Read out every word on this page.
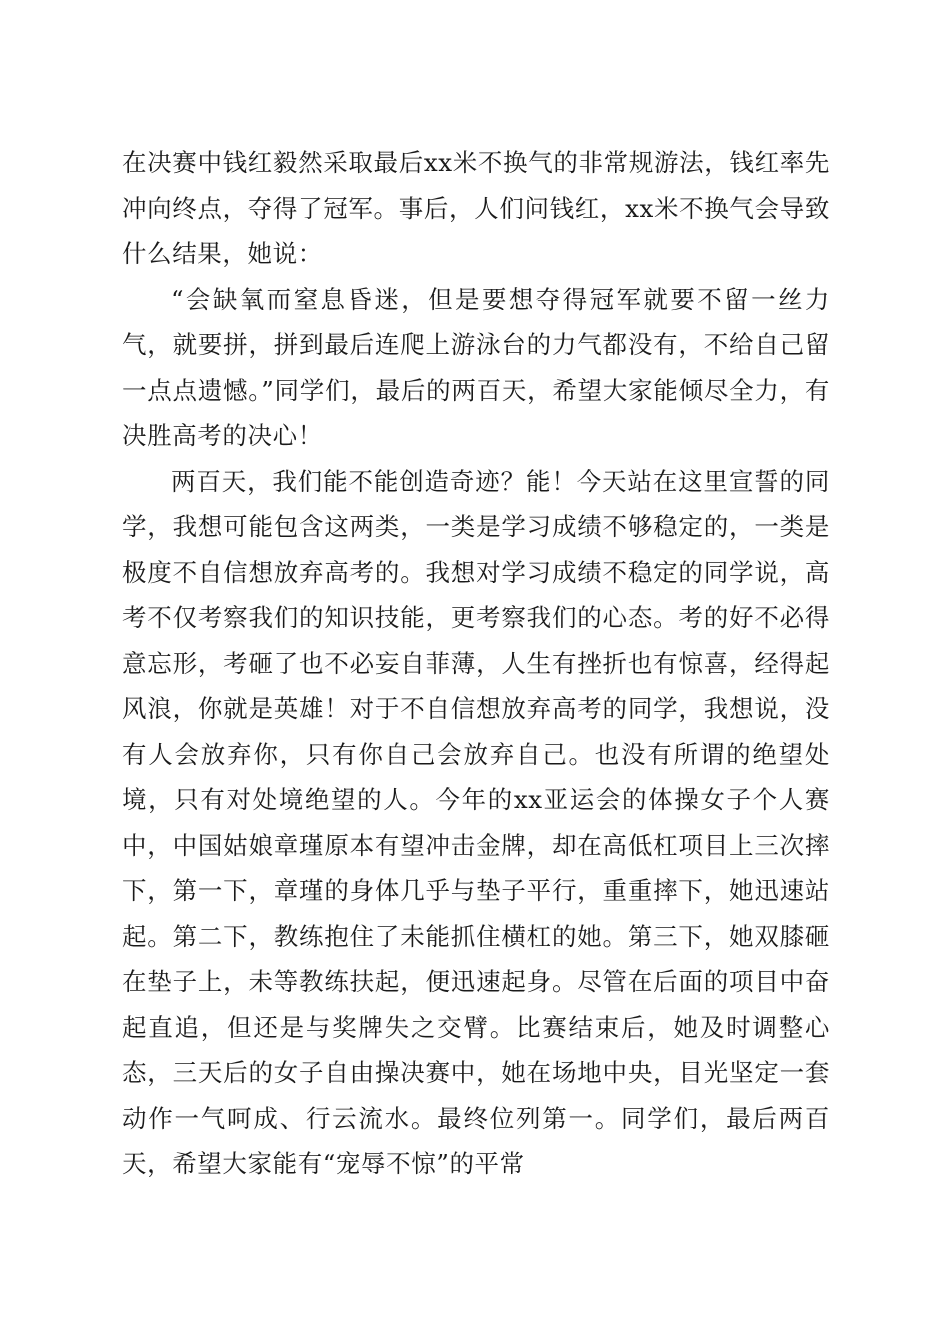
在决赛中钱红毅然采取最后xx米不换气的非常规游法，钱红率先冲向终点，夺得了冠军。事后，人们问钱红，xx米不换气会导致什么结果，她说：

“会缺氧而窒息昏迷，但是要想夺得冠军就要不留一丝力气，就要拼，拼到最后连爬上游泳台的力气都没有，不给自己留一点点遗憾。”同学们，最后的两百天，希望大家能倾尽全力，有决胜高考的决心！

两百天，我们能不能创造奇迹？能！今天站在这里宣誓的同学，我想可能包含这两类，一类是学习成绩不够稳定的，一类是极度不自信想放弃高考的。我想对学习成绩不稳定的同学说，高考不仅考察我们的知识技能，更考察我们的心态。考的好不必得意忘形，考砸了也不必妄自菲薄，人生有挫折也有惊喜，经得起风浪，你就是英雄！对于不自信想放弃高考的同学，我想说，没有人会放弃你，只有你自己会放弃自己。也没有所谓的绝望处境，只有对处境绝望的人。今年的xx亚运会的体操女子个人赛中，中国姑娘章瑾原本有望冲击金牌，却在高低杠项目上三次摔下，第一下，章瑾的身体几乎与垫子平行，重重摔下，她迅速站起。第二下，教练抱住了未能抓住横杠的她。第三下，她双膝砸在垫子上，未等教练扶起，便迅速起身。尽管在后面的项目中奋起直追，但还是与奖牌失之交臂。比赛结束后，她及时调整心态，三天后的女子自由操决赛中，她在场地中央，目光坚定一套动作一气呵成、行云流水。最终位列第一。同学们，最后两百天，希望大家能有“宠辱不惊”的平常
